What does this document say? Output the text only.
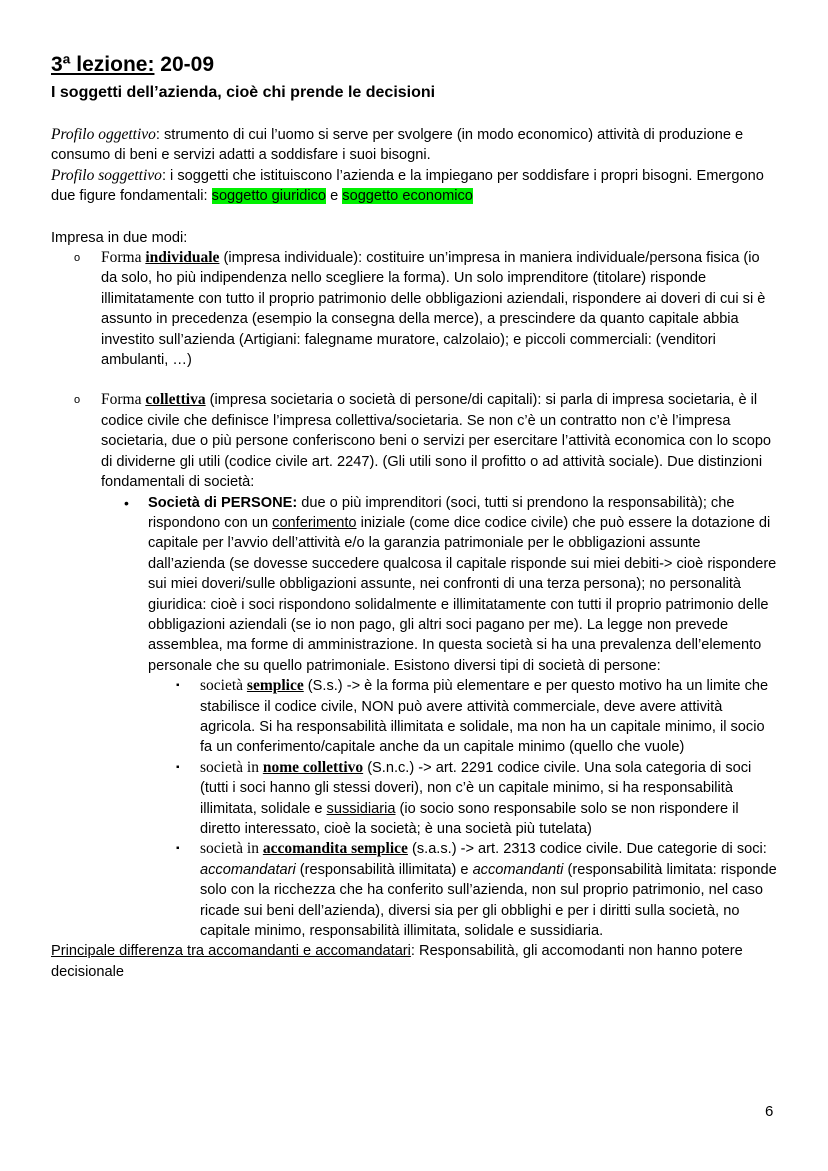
3ª lezione: 20-09

I soggetti dell’azienda, cioè chi prende le decisioni

Profilo oggettivo: strumento di cui l’uomo si serve per svolgere (in modo economico) attività di produzione e consumo di beni e servizi adatti a soddisfare i suoi bisogni.
Profilo soggettivo: i soggetti che istituiscono l’azienda e la impiegano per soddisfare i propri bisogni. Emergono due figure fondamentali: soggetto giuridico e soggetto economico

Impresa in due modi:

o Forma individuale (impresa individuale): costituire un’impresa in maniera individuale/persona fisica (io da solo, ho più indipendenza nello scegliere la forma). Un solo imprenditore (titolare) risponde illimitatamente con tutto il proprio patrimonio delle obbligazioni aziendali, rispondere ai doveri di cui si è assunto in precedenza (esempio la consegna della merce), a prescindere da quanto capitale abbia investito sull’azienda (Artigiani: falegname muratore, calzolaio); e piccoli commerciali: (venditori ambulanti, …)
o Forma collettiva (impresa societaria o società di persone/di capitali): si parla di impresa societaria, è il codice civile che definisce l’impresa collettiva/societaria. Se non c’è un contratto non c’è l’impresa societaria, due o più persone conferiscono beni o servizi per esercitare l’attività economica con lo scopo di dividerne gli utili (codice civile art. 2247). (Gli utili sono il profitto o ad attività sociale). Due distinzioni fondamentali di società:
• Società di PERSONE: due o più imprenditori (soci, tutti si prendono la responsabilità); che rispondono con un conferimento iniziale (come dice codice civile) che può essere la dotazione di capitale per l’avvio dell’attività e/o la garanzia patrimoniale per le obbligazioni assunte dall’azienda (se dovesse succedere qualcosa il capitale risponde sui miei debiti-> cioè rispondere sui miei doveri/sulle obbligazioni assunte, nei confronti di una terza persona); no personalità giuridica: cioè i soci rispondono solidalmente e illimitatamente con tutti il proprio patrimonio delle obbligazioni aziendali (se io non pago, gli altri soci pagano per me). La legge non prevede assemblea, ma forme di amministrazione. In questa società si ha una prevalenza dell’elemento personale che su quello patrimoniale. Esistono diversi tipi di società di persone:
▪ società semplice (S.s.) -> è la forma più elementare e per questo motivo ha un limite che stabilisce il codice civile, NON può avere attività commerciale, deve avere attività agricola. Si ha responsabilità illimitata e solidale, ma non ha un capitale minimo, il socio fa un conferimento/capitale anche da un capitale minimo (quello che vuole)
▪ società in nome collettivo (S.n.c.) -> art. 2291 codice civile. Una sola categoria di soci (tutti i soci hanno gli stessi doveri), non c’è un capitale minimo, si ha responsabilità illimitata, solidale e sussidiaria (io socio sono responsabile solo se non rispondere il diretto interessato, cioè la società; è una società più tutelata)
▪ società in accomandita semplice (s.a.s.) -> art. 2313 codice civile. Due categorie di soci: accomandatari (responsabilità illimitata) e accomandanti (responsabilità limitata: risponde solo con la ricchezza che ha conferito sull’azienda, non sul proprio patrimonio, nel caso ricade sui beni dell’azienda), diversi sia per gli obblighi e per i diritti sulla società, no capitale minimo, responsabilità illimitata, solidale e sussidiaria.

Principale differenza tra accomandanti e accomandatari: Responsabilità, gli accomodanti non hanno potere decisionale

6
